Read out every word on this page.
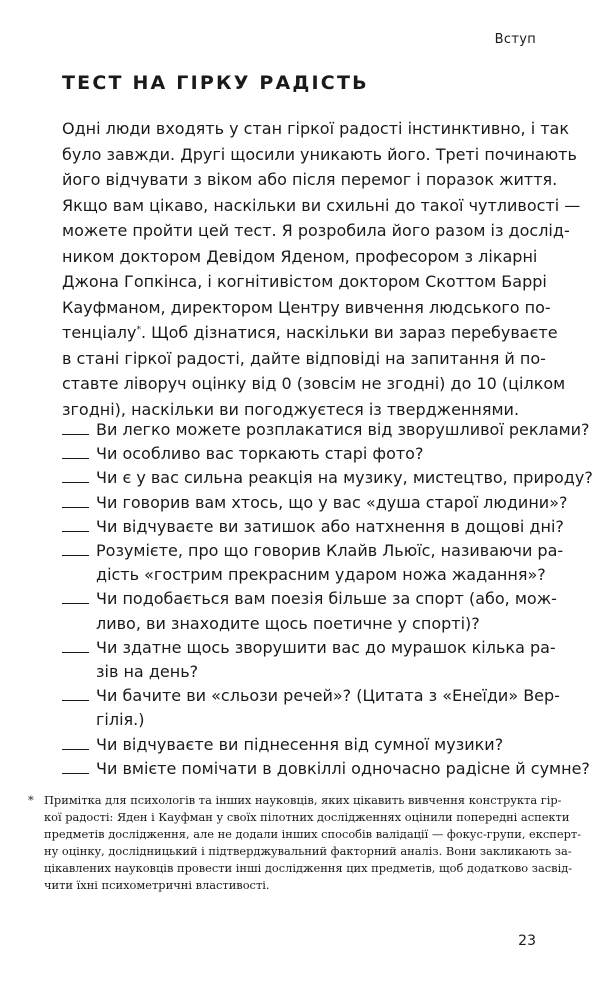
Вступ
ТЕСТ НА ГІРКУ РАДІСТЬ
Одні люди входять у стан гіркої радості інстинктивно, і так
було завжди. Другі щосили уникають його. Треті починають
його відчувати з віком або після перемог і поразок життя.
Якщо вам цікаво, наскільки ви схильні до такої чутливості —
можете пройти цей тест. Я розробила його разом із дослід-
ником доктором Девідом Яденом, професором з лікарні
Джона Гопкінса, і когнітивістом доктором Скоттом Баррі
Кауфманом, директором Центру вивчення людського по-
тенціалу*. Щоб дізнатися, наскільки ви зараз перебуваєте
в стані гіркої радості, дайте відповіді на запитання й по-
ставте ліворуч оцінку від 0 (зовсім не згодні) до 10 (цілком
згодні), наскільки ви погоджуєтеся із твердженнями.
Ви легко можете розплакатися від зворушливої реклами?
Чи особливо вас торкають старі фото?
Чи є у вас сильна реакція на музику, мистецтво, природу?
Чи говорив вам хтось, що у вас «душа старої людини»?
Чи відчуваєте ви затишок або натхнення в дощові дні?
Розумієте, про що говорив Клайв Льюїс, називаючи ра-
дість «гострим прекрасним ударом ножа жадання»?
Чи подобається вам поезія більше за спорт (або, мож-
ливо, ви знаходите щось поетичне у спорті)?
Чи здатне щось зворушити вас до мурашок кілька ра-
зів на день?
Чи бачите ви «сльози речей»? (Цитата з «Енеїди» Вер-
гілія.)
Чи відчуваєте ви піднесення від сумної музики?
Чи вмієте помічати в довкіллі одночасно радісне й сумне?
* Примітка для психологів та інших науковців, яких цікавить вивчення конструкта гір-
кої радості: Яден і Кауфман у своїх пілотних дослідженнях оцінили попередні аспекти
предметів дослідження, але не додали інших способів валідації — фокус-групи, експерт-
ну оцінку, дослідницький і підтверджувальний факторний аналіз. Вони закликають за-
цікавлених науковців провести інші дослідження цих предметів, щоб додатково засвід-
чити їхні психометричні властивості.
23
